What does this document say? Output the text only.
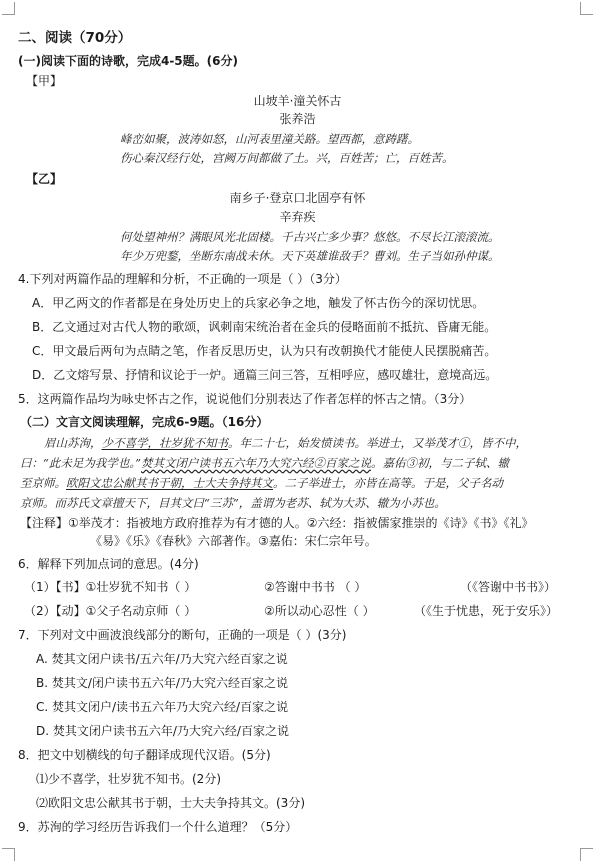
二、阅读（70分）
(一)阅读下面的诗歌，完成4-5题。(6分)
【甲】
山坡羊·潼关怀古
张养浩
峰峦如聚，波涛如怒，山河表里潼关路。望西都，意踌躇。
伤心秦汉经行处，宫阙万间都做了土。兴，百姓苦；亡，百姓苦。
【乙】
南乡子·登京口北固亭有怀
辛弃疾
何处望神州？满眼风光北固楼。千古兴亡多少事？悠悠。不尽长江滚滚流。
年少万兜鍪，坐断东南战未休。天下英雄谁敌手？曹刘。生子当如孙仲谋。
4.下列对两篇作品的理解和分析，不正确的一项是（ ）（3分）
A．甲乙两文的作者都是在身处历史上的兵家必争之地，触发了怀古伤今的深切忧思。
B．乙文通过对古代人物的歌颂，讽刺南宋统治者在金兵的侵略面前不抵抗、昏庸无能。
C．甲文最后两句为点睛之笔，作者反思历史，认为只有改朝换代才能使人民摆脱痛苦。
D．乙文熔写景、抒情和议论于一炉。通篇三问三答，互相呼应，感叹雄壮，意境高远。
5．这两篇作品均为咏史怀古之作，说说他们分别表达了作者怎样的怀古之情。（3分）
（二）文言文阅读理解，完成6-9题。（16分）
眉山苏洵，少不喜学，壮岁犹不知书。年二十七，始发愤读书。举进士，又举茂才①，皆不中，
曰：“此未足为我学也。”焚其文闭户读书五六年乃大究六经②百家之说。嘉佑③初，与二子轼、辙
至京师。欧阳文忠公献其书于朝，士大夫争持其文。二子举进士，亦皆在高等。于是，父子名动
京师。而苏氏文章擅天下，目其文曰“三苏”，盖谓为老苏、轼为大苏、辙为小苏也。
【注释】①举茂才：指被地方政府推荐为有才德的人。②六经：指被儒家推崇的《诗》《书》《礼》
《易》《乐》《春秋》六部著作。③嘉佑：宋仁宗年号。
6．解释下列加点词的意思。(4分)
（1）【书】①壮岁犹不知书（ ）	②答谢中书书 （ ）	（《答谢中书书》）
（2）【动】①父子名动京师（ ）	②所以动心忍性（ ）	（《生于忧患，死于安乐》）
7．下列对文中画波浪线部分的断句，正确的一项是（ ）(3分)
A. 焚其文闭户读书/五六年/乃大究六经百家之说
B. 焚其文/闭户读书五六年/乃大究六经百家之说
C. 焚其文闭户/读书五六年乃大究六经/百家之说
D. 焚其文闭户读书五六年/乃大究六经/百家之说
8．把文中划横线的句子翻译成现代汉语。(5分)
⑴少不喜学，壮岁犹不知书。(2分)
⑵欧阳文忠公献其书于朝，士大夫争持其文。(3分)
9．苏洵的学习经历告诉我们一个什么道理？（5分）
